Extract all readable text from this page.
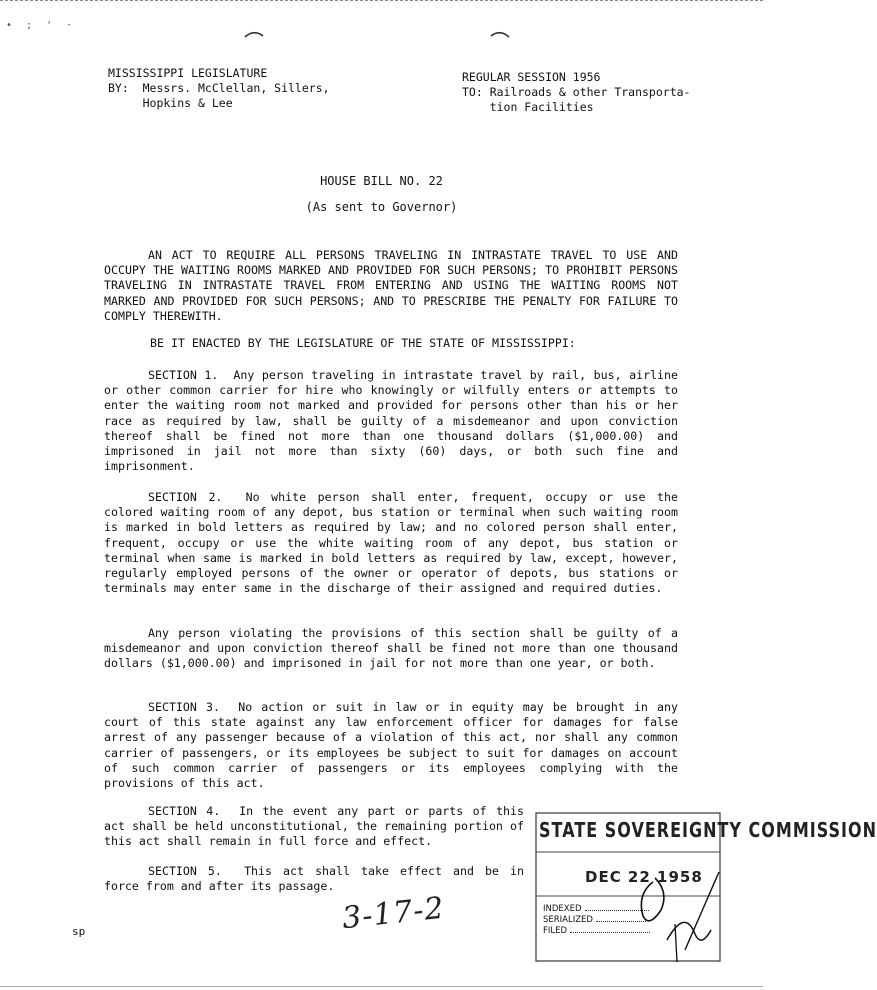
• ; ' ·
MISSISSIPPI LEGISLATURE
BY:  Messrs. McClellan, Sillers,
Hopkins & Lee
REGULAR SESSION 1956
TO: Railroads & other Transporta-
tion Facilities
HOUSE BILL NO. 22
(As sent to Governor)
AN ACT TO REQUIRE ALL PERSONS TRAVELING IN INTRASTATE TRAVEL TO USE AND OCCUPY THE WAITING ROOMS MARKED AND PROVIDED FOR SUCH PERSONS; TO PROHIBIT PERSONS TRAVELING IN INTRASTATE TRAVEL FROM ENTERING AND USING THE WAITING ROOMS NOT MARKED AND PROVIDED FOR SUCH PERSONS; AND TO PRESCRIBE THE PENALTY FOR FAILURE TO COMPLY THEREWITH.
BE IT ENACTED BY THE LEGISLATURE OF THE STATE OF MISSISSIPPI:
SECTION 1. Any person traveling in intrastate travel by rail, bus, airline or other common carrier for hire who knowingly or wilfully enters or attempts to enter the waiting room not marked and provided for persons other than his or her race as required by law, shall be guilty of a misdemeanor and upon conviction thereof shall be fined not more than one thousand dollars ($1,000.00) and imprisoned in jail not more than sixty (60) days, or both such fine and imprisonment.
SECTION 2. No white person shall enter, frequent, occupy or use the colored waiting room of any depot, bus station or terminal when such waiting room is marked in bold letters as required by law; and no colored person shall enter, frequent, occupy or use the white waiting room of any depot, bus station or terminal when same is marked in bold letters as required by law, except, however, regularly employed persons of the owner or operator of depots, bus stations or terminals may enter same in the discharge of their assigned and required duties.
Any person violating the provisions of this section shall be guilty of a misdemeanor and upon conviction thereof shall be fined not more than one thousand dollars ($1,000.00) and imprisoned in jail for not more than one year, or both.
SECTION 3. No action or suit in law or in equity may be brought in any court of this state against any law enforcement officer for damages for false arrest of any passenger because of a violation of this act, nor shall any common carrier of passengers, or its employees be subject to suit for damages on account of such common carrier of passengers or its employees complying with the provisions of this act.
SECTION 4. In the event any part or parts of this act shall be held unconstitutional, the remaining portion of this act shall remain in full force and effect.
SECTION 5. This act shall take effect and be in force from and after its passage.
sp	3-17-2
STATE SOVEREIGNTY COMMISSION
DEC 22 1958
INDEXED
SERIALIZED
FILED
